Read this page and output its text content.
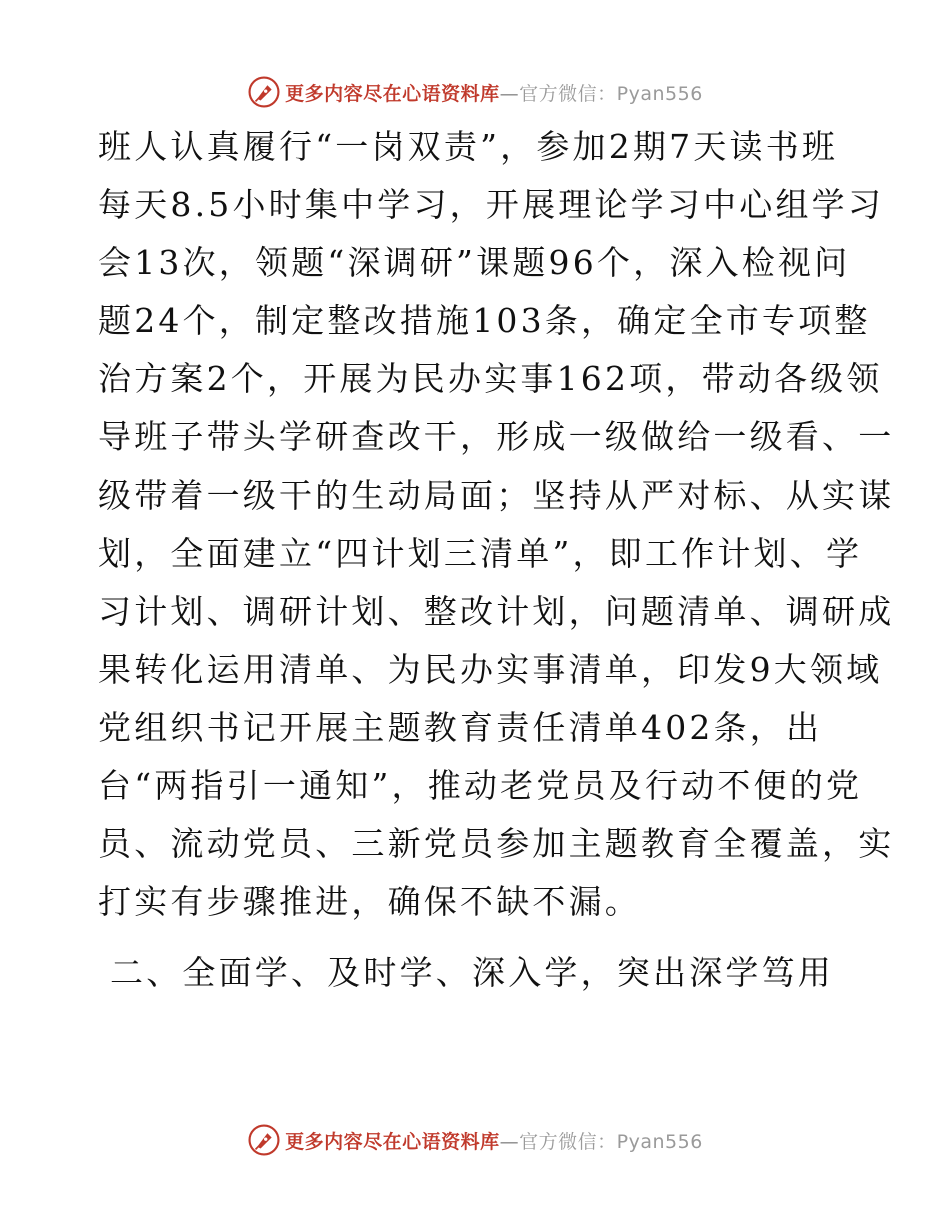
更多内容尽在心语资料库—官方微信：Pyan556
班人认真履行“一岗双责”，参加2期7天读书班
每天8.5小时集中学习，开展理论学习中心组学习
会13次，领题“深调研”课题96个，深入检视问
题24个，制定整改措施103条，确定全市专项整
治方案2个，开展为民办实事162项，带动各级领
导班子带头学研查改干，形成一级做给一级看、一
级带着一级干的生动局面；坚持从严对标、从实谋
划，全面建立“四计划三清单”，即工作计划、学
习计划、调研计划、整改计划，问题清单、调研成
果转化运用清单、为民办实事清单，印发9大领域
党组织书记开展主题教育责任清单402条，出
台“两指引一通知”，推动老党员及行动不便的党
员、流动党员、三新党员参加主题教育全覆盖，实
打实有步骤推进，确保不缺不漏。
二、全面学、及时学、深入学，突出深学笃用
更多内容尽在心语资料库—官方微信：Pyan556
